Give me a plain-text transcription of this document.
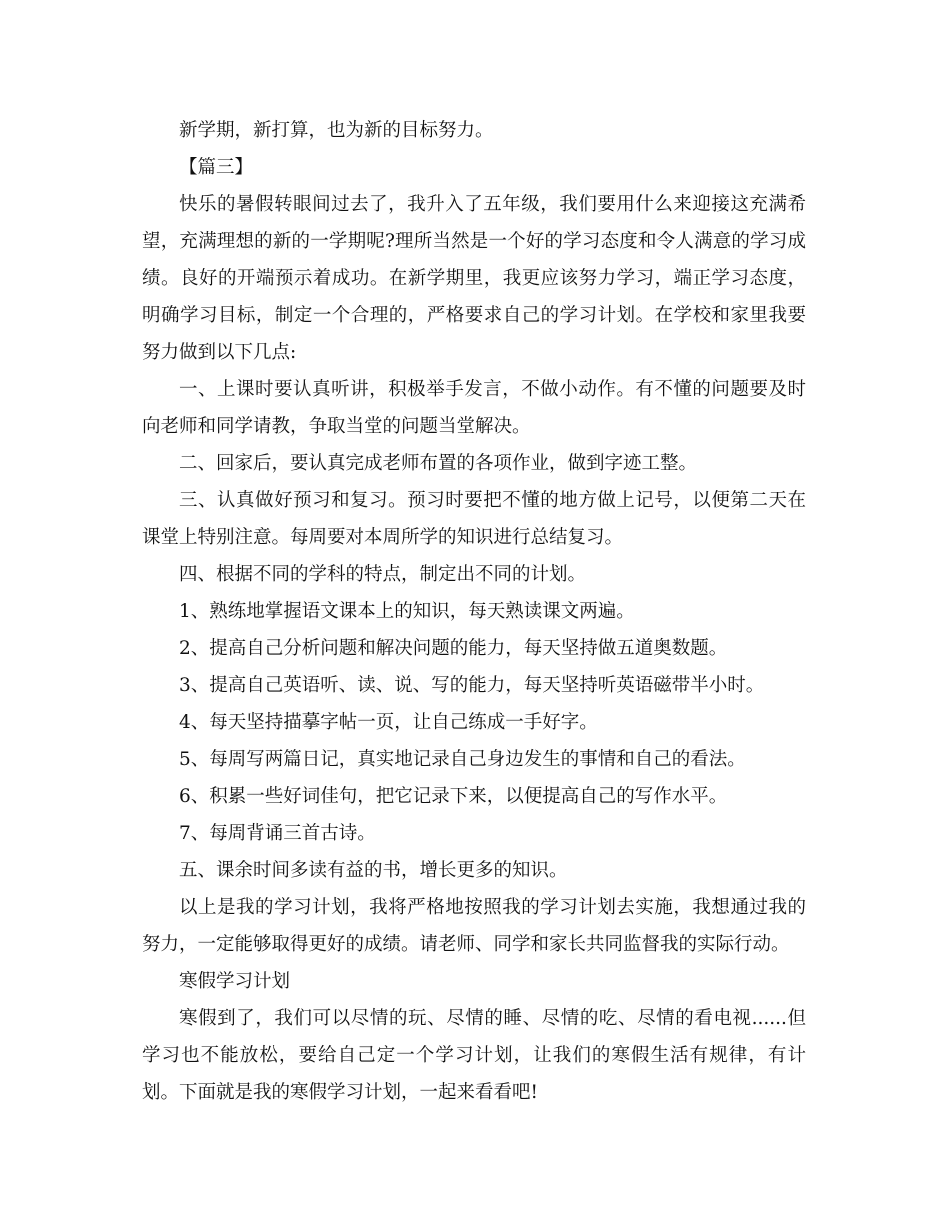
新学期，新打算，也为新的目标努力。

【篇三】

快乐的暑假转眼间过去了，我升入了五年级，我们要用什么来迎接这充满希望，充满理想的新的一学期呢?理所当然是一个好的学习态度和令人满意的学习成绩。良好的开端预示着成功。在新学期里，我更应该努力学习，端正学习态度，明确学习目标，制定一个合理的，严格要求自己的学习计划。在学校和家里我要努力做到以下几点:

一、上课时要认真听讲，积极举手发言，不做小动作。有不懂的问题要及时向老师和同学请教，争取当堂的问题当堂解决。

二、回家后，要认真完成老师布置的各项作业，做到字迹工整。

三、认真做好预习和复习。预习时要把不懂的地方做上记号，以便第二天在课堂上特别注意。每周要对本周所学的知识进行总结复习。

四、根据不同的学科的特点，制定出不同的计划。

1、熟练地掌握语文课本上的知识，每天熟读课文两遍。

2、提高自己分析问题和解决问题的能力，每天坚持做五道奥数题。

3、提高自己英语听、读、说、写的能力，每天坚持听英语磁带半小时。

4、每天坚持描摹字帖一页，让自己练成一手好字。

5、每周写两篇日记，真实地记录自己身边发生的事情和自己的看法。

6、积累一些好词佳句，把它记录下来，以便提高自己的写作水平。

7、每周背诵三首古诗。

五、课余时间多读有益的书，增长更多的知识。

以上是我的学习计划，我将严格地按照我的学习计划去实施，我想通过我的努力，一定能够取得更好的成绩。请老师、同学和家长共同监督我的实际行动。

寒假学习计划

寒假到了，我们可以尽情的玩、尽情的睡、尽情的吃、尽情的看电视......但学习也不能放松，要给自己定一个学习计划，让我们的寒假生活有规律，有计划。下面就是我的寒假学习计划，一起来看看吧!
